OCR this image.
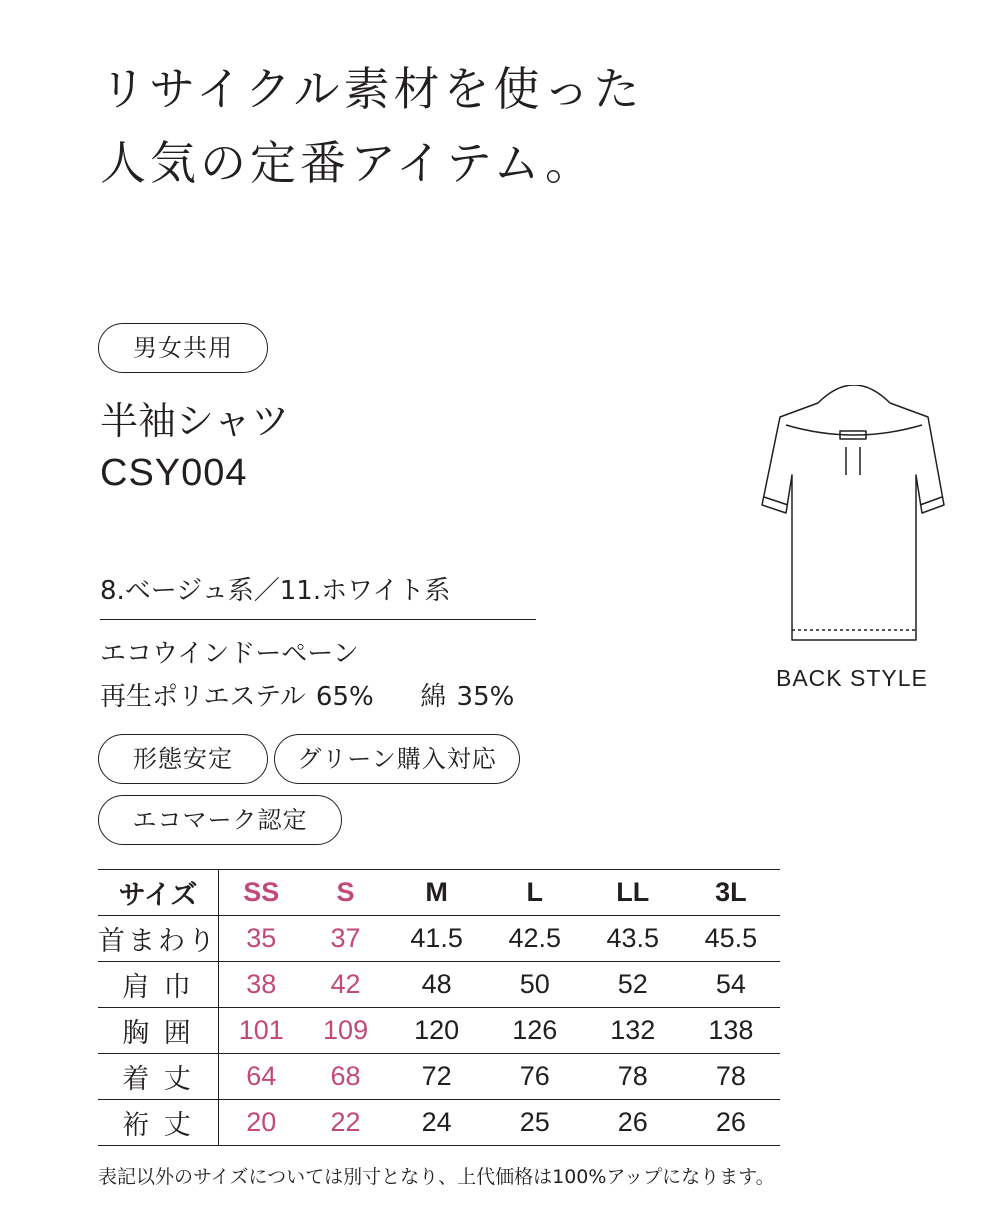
リサイクル素材を使った
人気の定番アイテム。
男女共用
半袖シャツ
CSY004
BACK STYLE
8.ベージュ系／11.ホワイト系
エコウインドーペーン
再生ポリエステル 65% 　 綿 35%
形態安定	グリーン購入対応
エコマーク認定
サイズ	SS	S	M	L	LL	3L
首まわり	35	37	41.5	42.5	43.5	45.5
肩 巾	38	42	48	50	52	54
胸 囲	101	109	120	126	132	138
着 丈	64	68	72	76	78	78
裄 丈	20	22	24	25	26	26
表記以外のサイズについては別寸となり、上代価格は100%アップになります。
